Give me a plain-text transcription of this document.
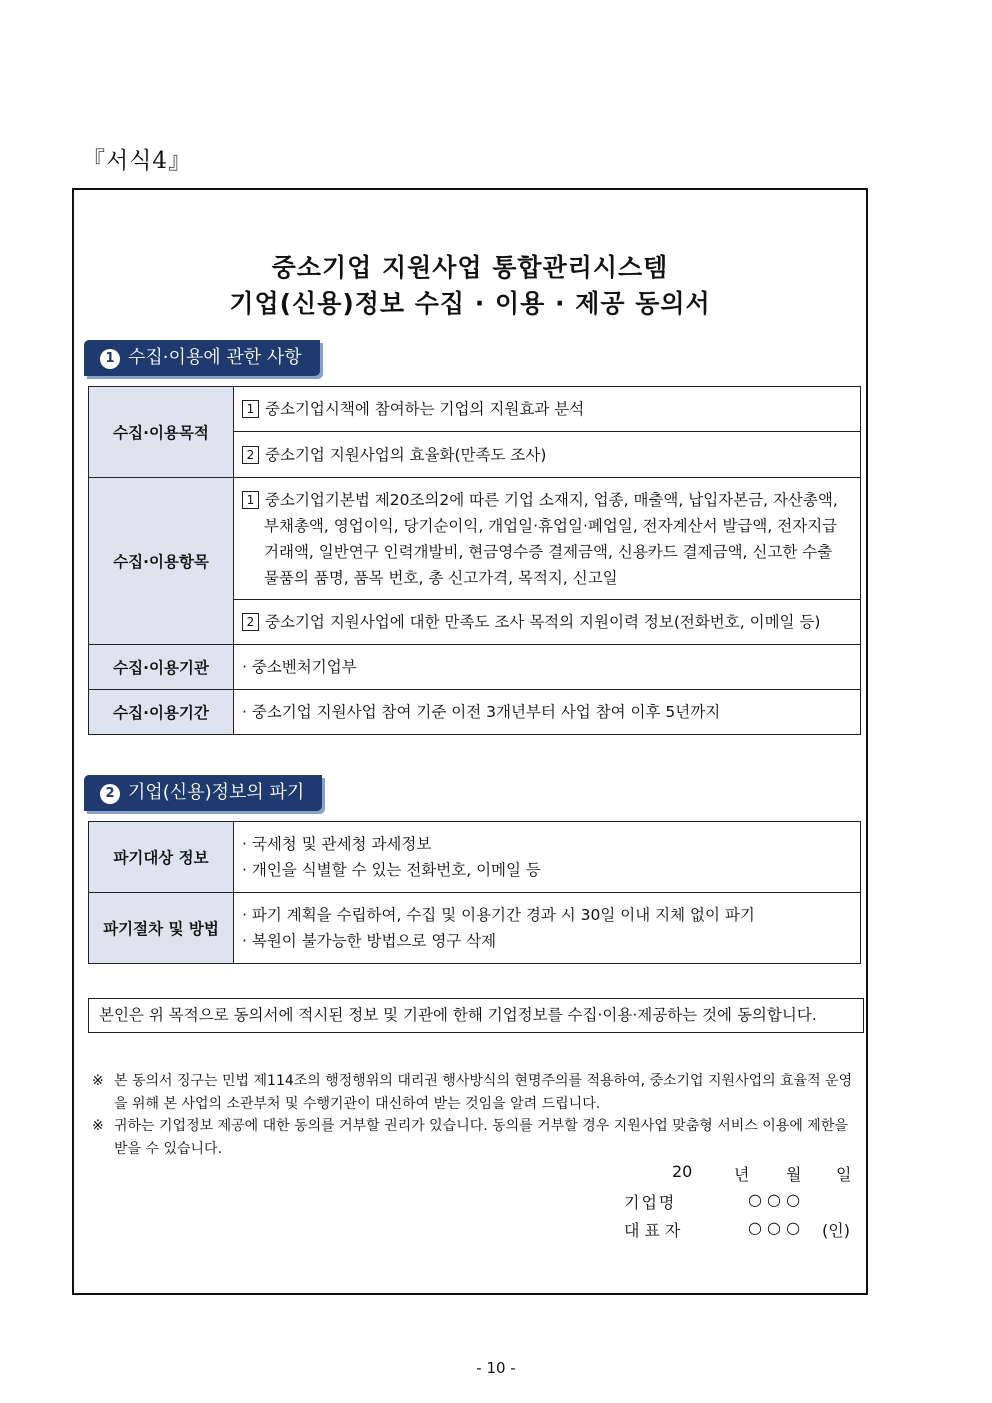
『서식4』
중소기업 지원사업 통합관리시스템
기업(신용)정보 수집 · 이용 · 제공 동의서
1 수집·이용에 관한 사항
수집·이용목적	1 중소기업시책에 참여하는 기업의 지원효과 분석
	2 중소기업 지원사업의 효율화(만족도 조사)
수집·이용항목	1 중소기업기본법 제20조의2에 따른 기업 소재지, 업종, 매출액, 납입자본금, 자산총액, 부채총액, 영업이익, 당기순이익, 개업일·휴업일·폐업일, 전자계산서 발급액, 전자지급 거래액, 일반연구 인력개발비, 현금영수증 결제금액, 신용카드 결제금액, 신고한 수출 물품의 품명, 품목 번호, 총 신고가격, 목적지, 신고일

	2 중소기업 지원사업에 대한 만족도 조사 목적의 지원이력 정보(전화번호, 이메일 등)
수집·이용기관	· 중소벤처기업부
수집·이용기간	· 중소기업 지원사업 참여 기준 이전 3개년부터 사업 참여 이후 5년까지
2 기업(신용)정보의 파기
파기대상 정보	· 국세청 및 관세청 과세정보
· 개인을 식별할 수 있는 전화번호, 이메일 등

파기절차 및 방법	· 파기 계획을 수립하여, 수집 및 이용기간 경과 시 30일 이내 지체 없이 파기
· 복원이 불가능한 방법으로 영구 삭제
본인은 위 목적으로 동의서에 적시된 정보 및 기관에 한해 기업정보를 수집·이용·제공하는 것에 동의합니다.
※ 본 동의서 징구는 민법 제114조의 행정행위의 대리권 행사방식의 현명주의를 적용하여, 중소기업 지원사업의 효율적 운영을 위해 본 사업의 소관부처 및 수행기관이 대신하여 받는 것임을 알려 드립니다.
※ 귀하는 기업정보 제공에 대한 동의를 거부할 권리가 있습니다. 동의를 거부할 경우 지원사업 맞춤형 서비스 이용에 제한을 받을 수 있습니다.
20	년 월 일
기업명	○ ○ ○
대표자	○ ○ ○ (인)
- 10 -
